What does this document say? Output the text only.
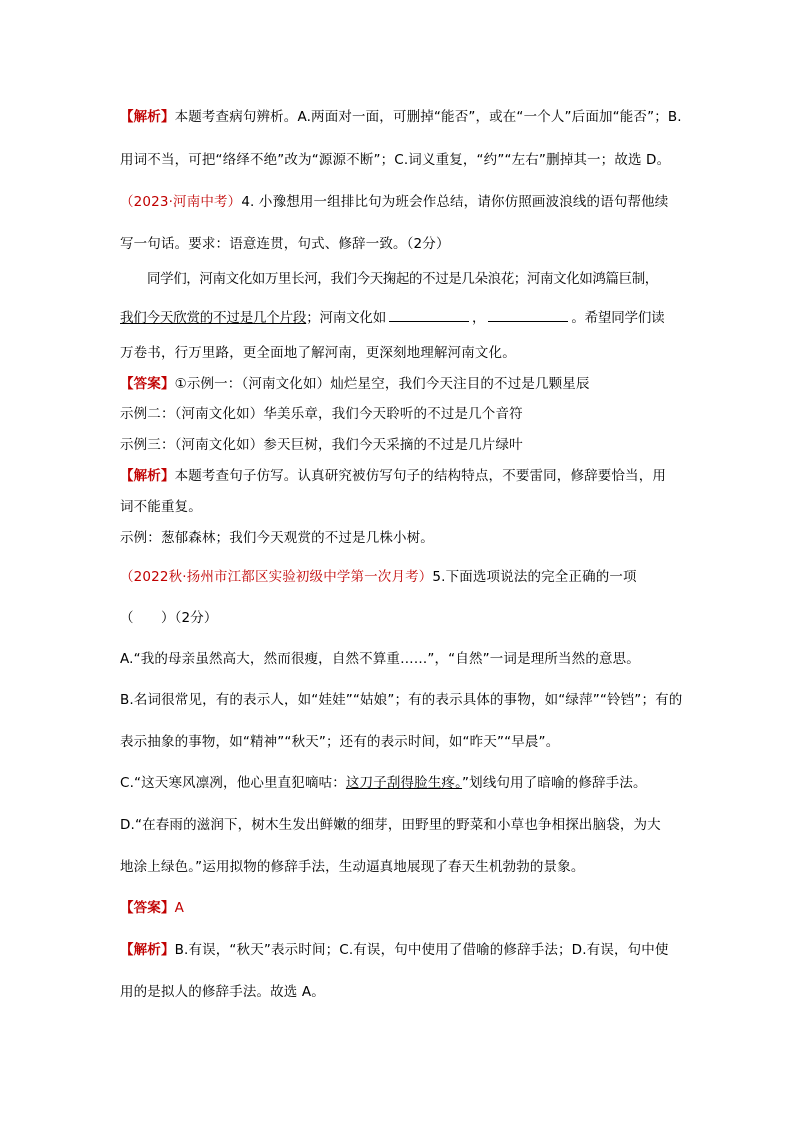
【解析】本题考查病句辨析。A.两面对一面，可删掉“能否”，或在“一个人”后面加“能否”；B.
用词不当，可把“络绎不绝”改为“源源不断”；C.词义重复，“约”“左右”删掉其一；故选 D。
（2023·河南中考）4. 小豫想用一组排比句为班会作总结，请你仿照画波浪线的语句帮他续
写一句话。要求：语意连贯，句式、修辞一致。（2分）
同学们，河南文化如万里长河，我们今天掬起的不过是几朵浪花；河南文化如鸿篇巨制，
我们今天欣赏的不过是几个片段；河南文化如	，	。希望同学们读
万卷书，行万里路，更全面地了解河南，更深刻地理解河南文化。
【答案】①示例一：（河南文化如）灿烂星空，我们今天注目的不过是几颗星辰
示例二：（河南文化如）华美乐章，我们今天聆听的不过是几个音符
示例三：（河南文化如）参天巨树，我们今天采摘的不过是几片绿叶
【解析】本题考查句子仿写。认真研究被仿写句子的结构特点，不要雷同，修辞要恰当，用
词不能重复。
示例：葱郁森林；我们今天观赏的不过是几株小树。
（2022秋·扬州市江都区实验初级中学第一次月考）5.下面选项说法的完全正确的一项
（　　）（2分）
A.“我的母亲虽然高大，然而很瘦，自然不算重……”，“自然”一词是理所当然的意思。
B.名词很常见，有的表示人，如“娃娃”“姑娘”；有的表示具体的事物，如“绿萍”“铃铛”；有的
表示抽象的事物，如“精神”“秋天”；还有的表示时间，如“昨天”“早晨”。
C.“这天寒风凛冽，他心里直犯嘀咕：这刀子刮得脸生疼。”划线句用了暗喻的修辞手法。
D.“在春雨的滋润下，树木生发出鲜嫩的细芽，田野里的野菜和小草也争相探出脑袋，为大
地涂上绿色。”运用拟物的修辞手法，生动逼真地展现了春天生机勃勃的景象。
【答案】A
【解析】B.有误，“秋天”表示时间；C.有误，句中使用了借喻的修辞手法；D.有误，句中使
用的是拟人的修辞手法。故选 A。
